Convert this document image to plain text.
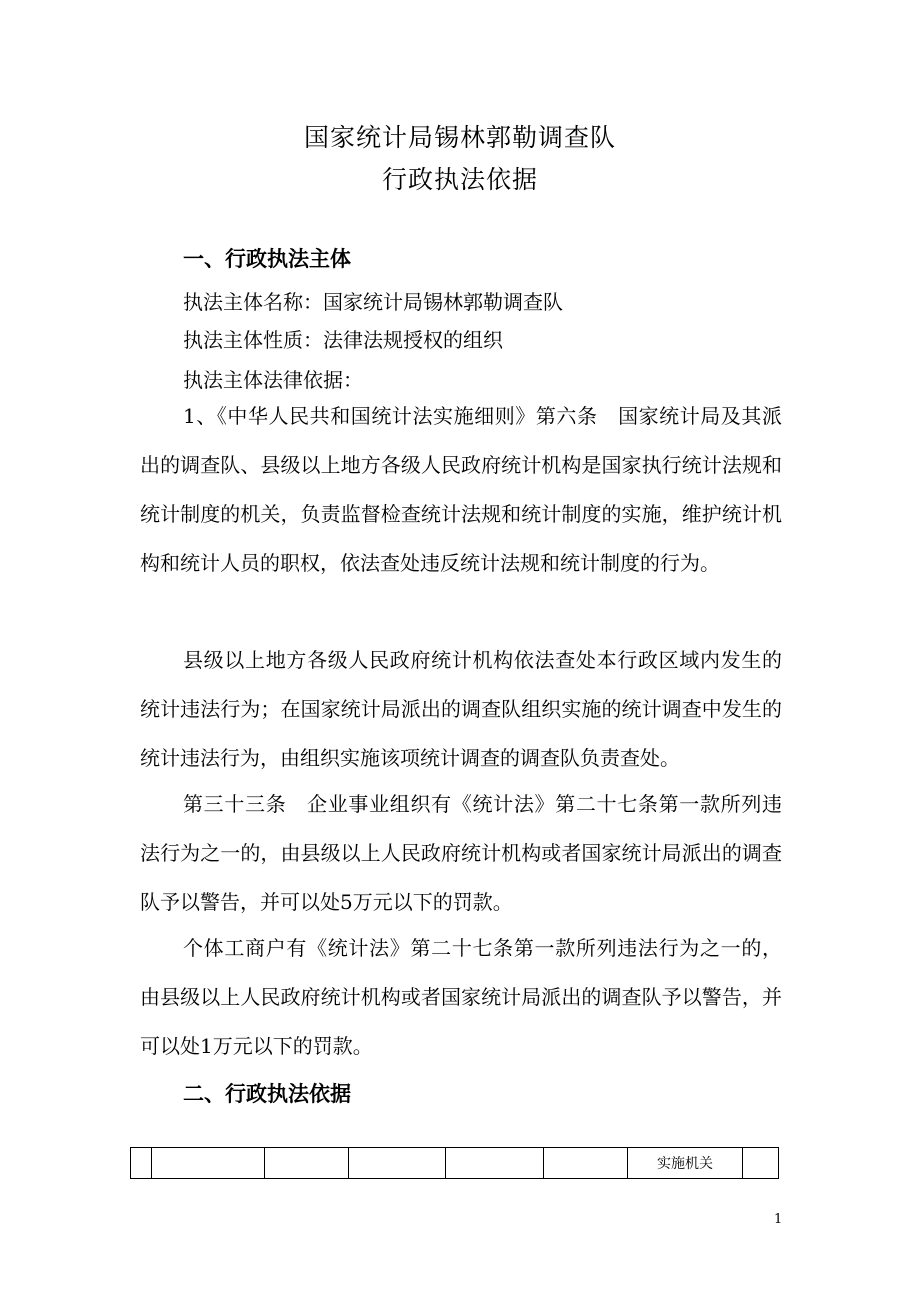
国家统计局锡林郭勒调查队
行政执法依据
一、行政执法主体
执法主体名称：国家统计局锡林郭勒调查队
执法主体性质：法律法规授权的组织
执法主体法律依据：

1、《中华人民共和国统计法实施细则》第六条　国家统计局及其派出的调查队、县级以上地方各级人民政府统计机构是国家执行统计法规和统计制度的机关，负责监督检查统计法规和统计制度的实施，维护统计机构和统计人员的职权，依法查处违反统计法规和统计制度的行为。

县级以上地方各级人民政府统计机构依法查处本行政区域内发生的统计违法行为；在国家统计局派出的调查队组织实施的统计调查中发生的统计违法行为，由组织实施该项统计调查的调查队负责查处。

第三十三条　企业事业组织有《统计法》第二十七条第一款所列违法行为之一的，由县级以上人民政府统计机构或者国家统计局派出的调查队予以警告，并可以处5万元以下的罚款。

个体工商户有《统计法》第二十七条第一款所列违法行为之一的，由县级以上人民政府统计机构或者国家统计局派出的调查队予以警告，并可以处1万元以下的罚款。

二、行政执法依据
						实施机关	
1
